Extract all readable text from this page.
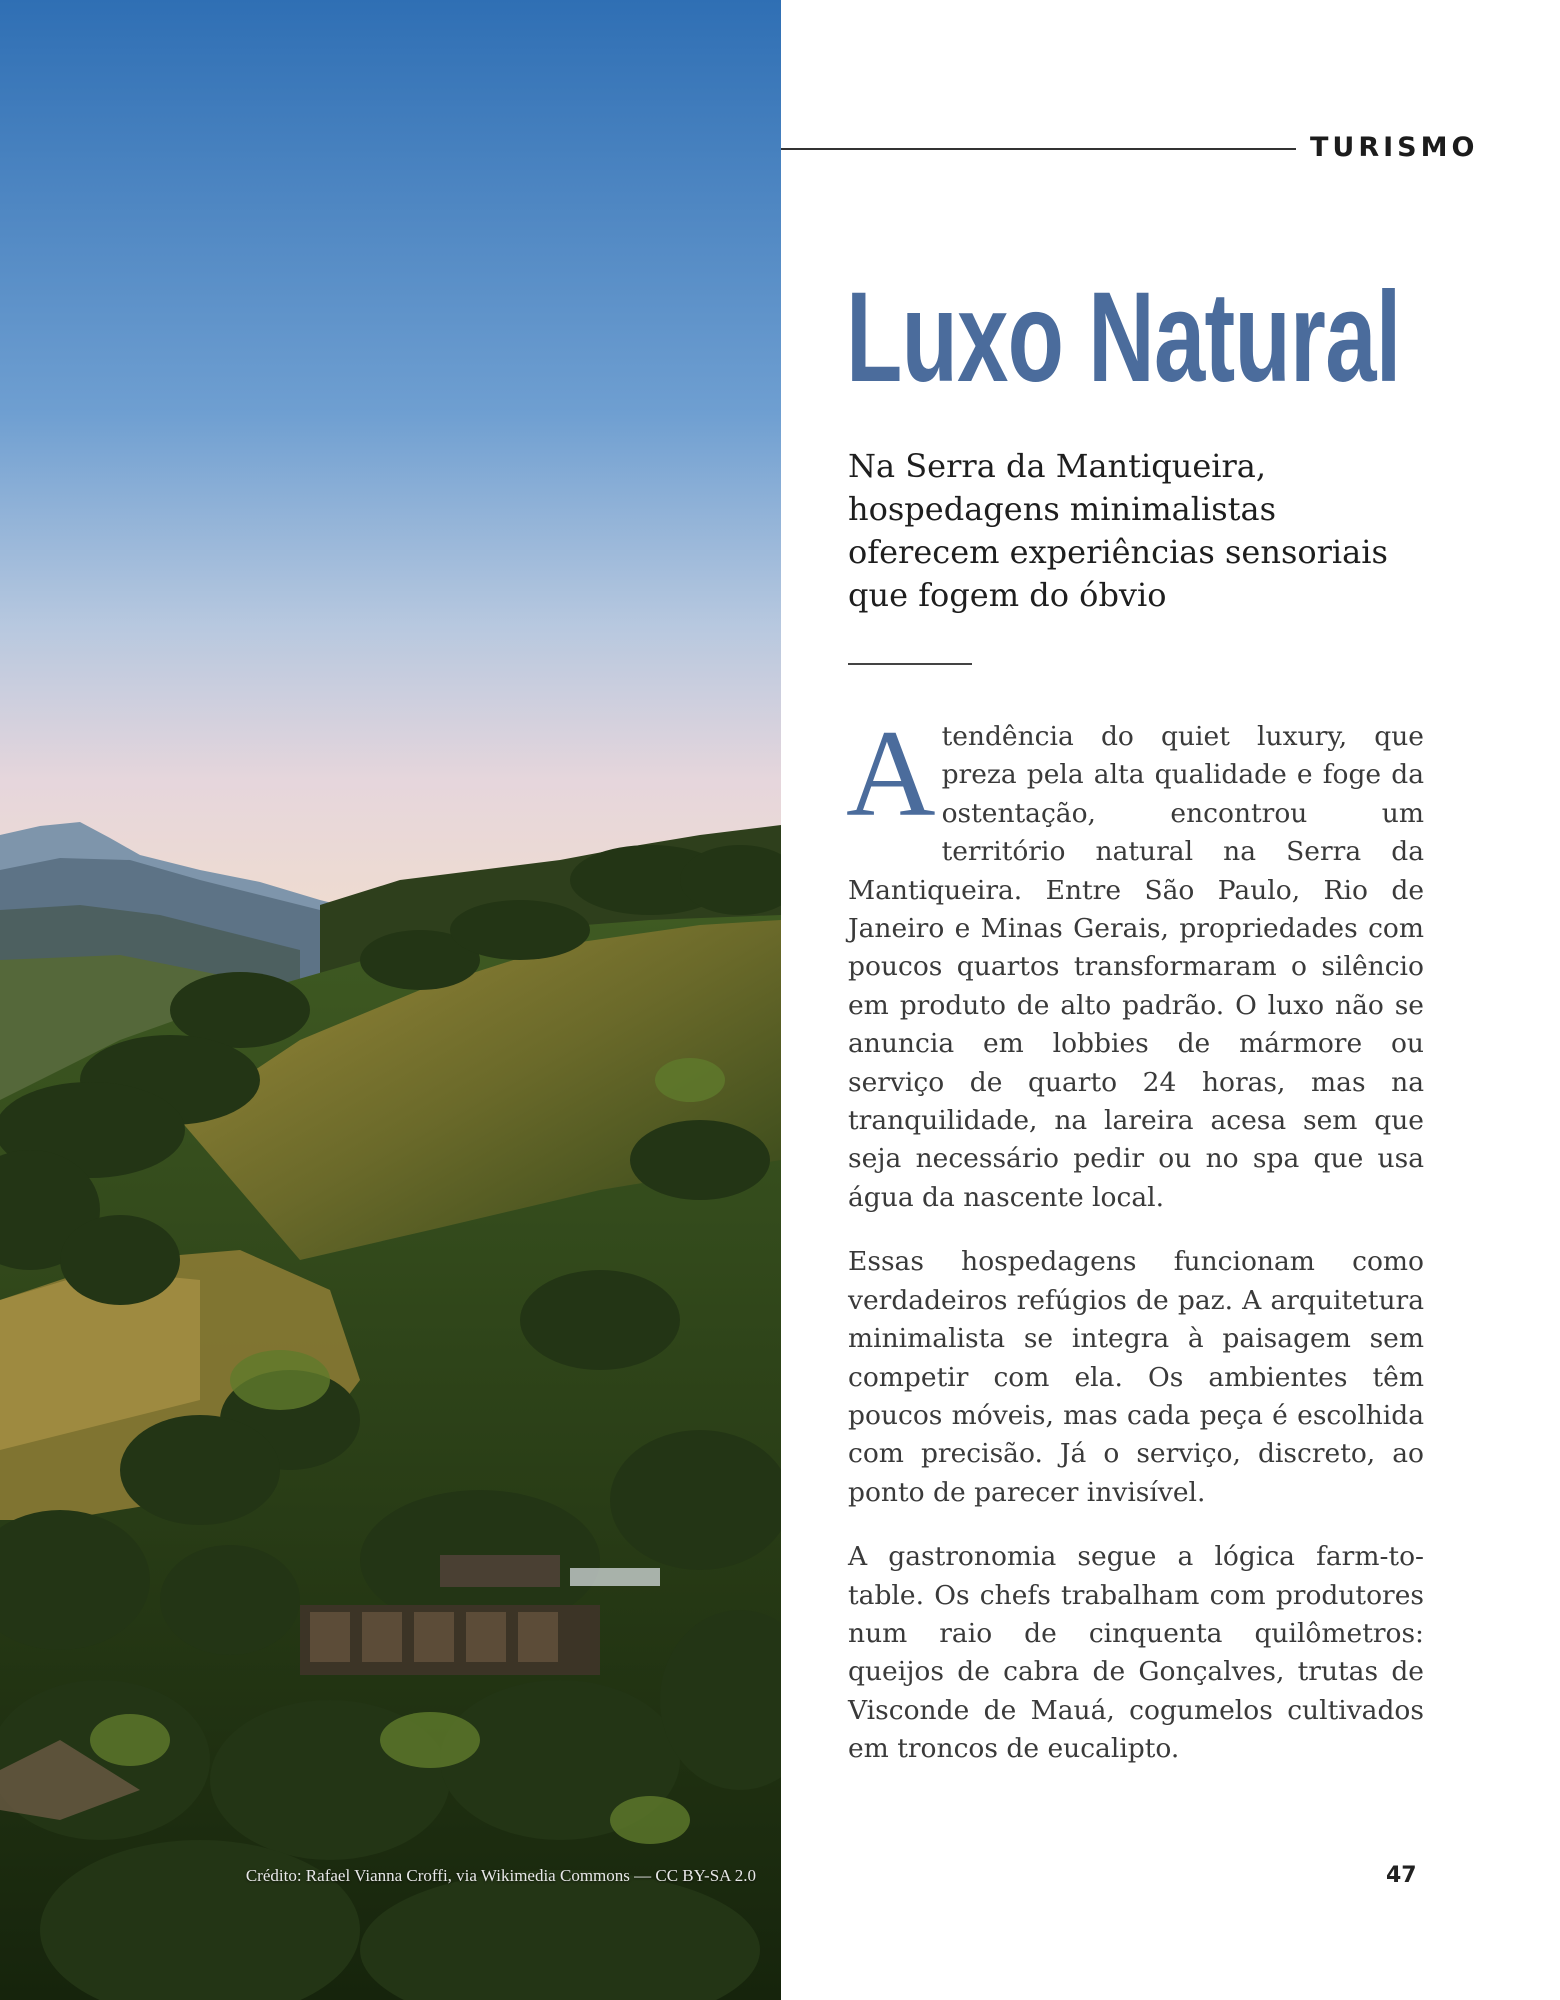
Crédito: Rafael Vianna Croffi, via Wikimedia Commons — CC BY-SA 2.0
TURISMO
Luxo Natural

Na Serra da Mantiqueira, hospedagens minimalistas oferecem experiências sensoriais que fogem do óbvio

Atendência do quiet luxury, que preza pela alta qualidade e foge da ostentação, encontrou um território natural na Serra da Mantiqueira. Entre São Paulo, Rio de Janeiro e Minas Gerais, propriedades com poucos quartos transformaram o silêncio em produto de alto padrão. O luxo não se anuncia em lobbies de mármore ou serviço de quarto 24 horas, mas na tranquilidade, na lareira acesa sem que seja necessário pedir ou no spa que usa água da nascente local.

Essas hospedagens funcionam como verdadeiros refúgios de paz. A arquitetura minimalista se integra à paisagem sem competir com ela. Os ambientes têm poucos móveis, mas cada peça é escolhida com precisão. Já o serviço, discreto, ao ponto de parecer invisível.

A gastronomia segue a lógica farm-to-table. Os chefs trabalham com produtores num raio de cinquenta quilômetros: queijos de cabra de Gonçalves, trutas de Visconde de Mauá, cogumelos cultivados em troncos de eucalipto.

47
